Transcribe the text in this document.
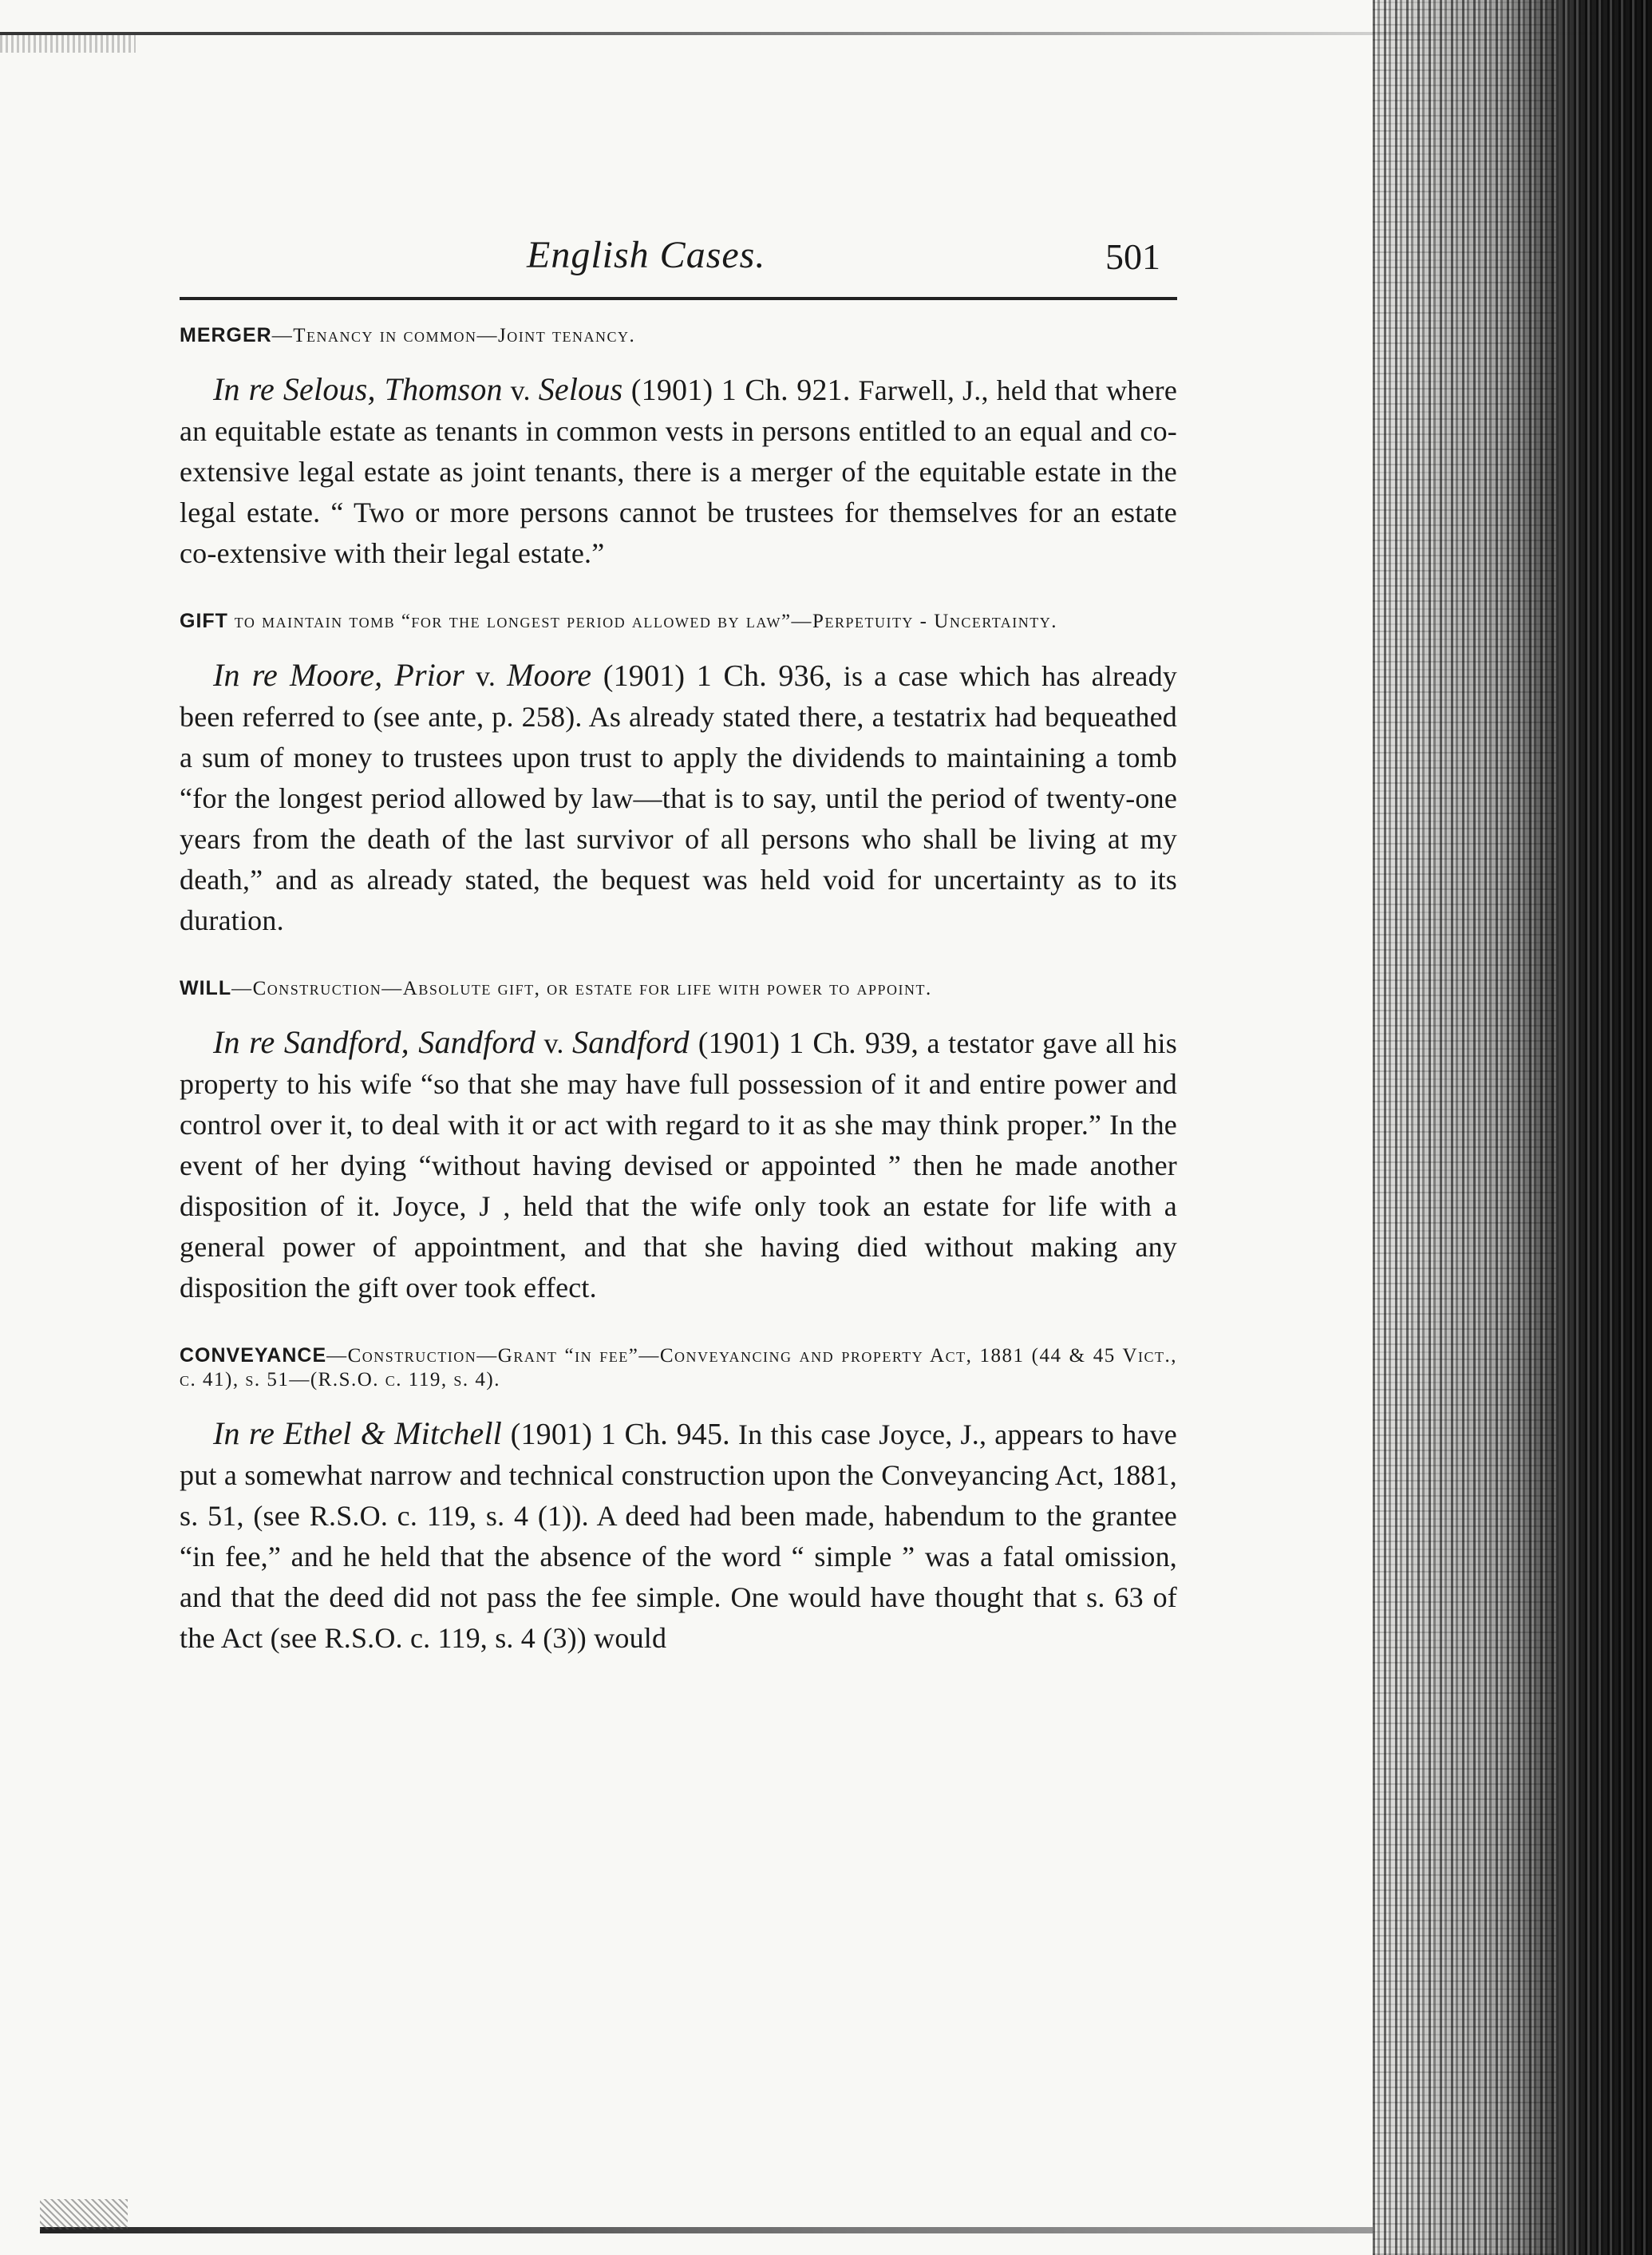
English Cases.	501
MERGER—Tenancy in common—Joint tenancy.
In re Selous, Thomson v. Selous (1901) 1 Ch. 921. Farwell, J., held that where an equitable estate as tenants in common vests in persons entitled to an equal and co-extensive legal estate as joint tenants, there is a merger of the equitable estate in the legal estate. “ Two or more persons cannot be trustees for themselves for an estate co-extensive with their legal estate.”
GIFT to maintain tomb “for the longest period allowed by law”—Perpetuity - Uncertainty.
In re Moore, Prior v. Moore (1901) 1 Ch. 936, is a case which has already been referred to (see ante, p. 258). As already stated there, a testatrix had bequeathed a sum of money to trustees upon trust to apply the dividends to maintaining a tomb “for the longest period allowed by law—that is to say, until the period of twenty-one years from the death of the last survivor of all persons who shall be living at my death,” and as already stated, the bequest was held void for uncertainty as to its duration.
WILL—Construction—Absolute gift, or estate for life with power to appoint.
In re Sandford, Sandford v. Sandford (1901) 1 Ch. 939, a testator gave all his property to his wife “so that she may have full possession of it and entire power and control over it, to deal with it or act with regard to it as she may think proper.” In the event of her dying “without having devised or appointed ” then he made another disposition of it. Joyce, J , held that the wife only took an estate for life with a general power of appointment, and that she having died without making any disposition the gift over took effect.
CONVEYANCE—Construction—Grant “in fee”—Conveyancing and property Act, 1881 (44 & 45 Vict., c. 41), s. 51—(R.S.O. c. 119, s. 4).
In re Ethel & Mitchell (1901) 1 Ch. 945. In this case Joyce, J., appears to have put a somewhat narrow and technical construction upon the Conveyancing Act, 1881, s. 51, (see R.S.O. c. 119, s. 4 (1)). A deed had been made, habendum to the grantee “in fee,” and he held that the absence of the word “ simple ” was a fatal omission, and that the deed did not pass the fee simple. One would have thought that s. 63 of the Act (see R.S.O. c. 119, s. 4 (3)) would
